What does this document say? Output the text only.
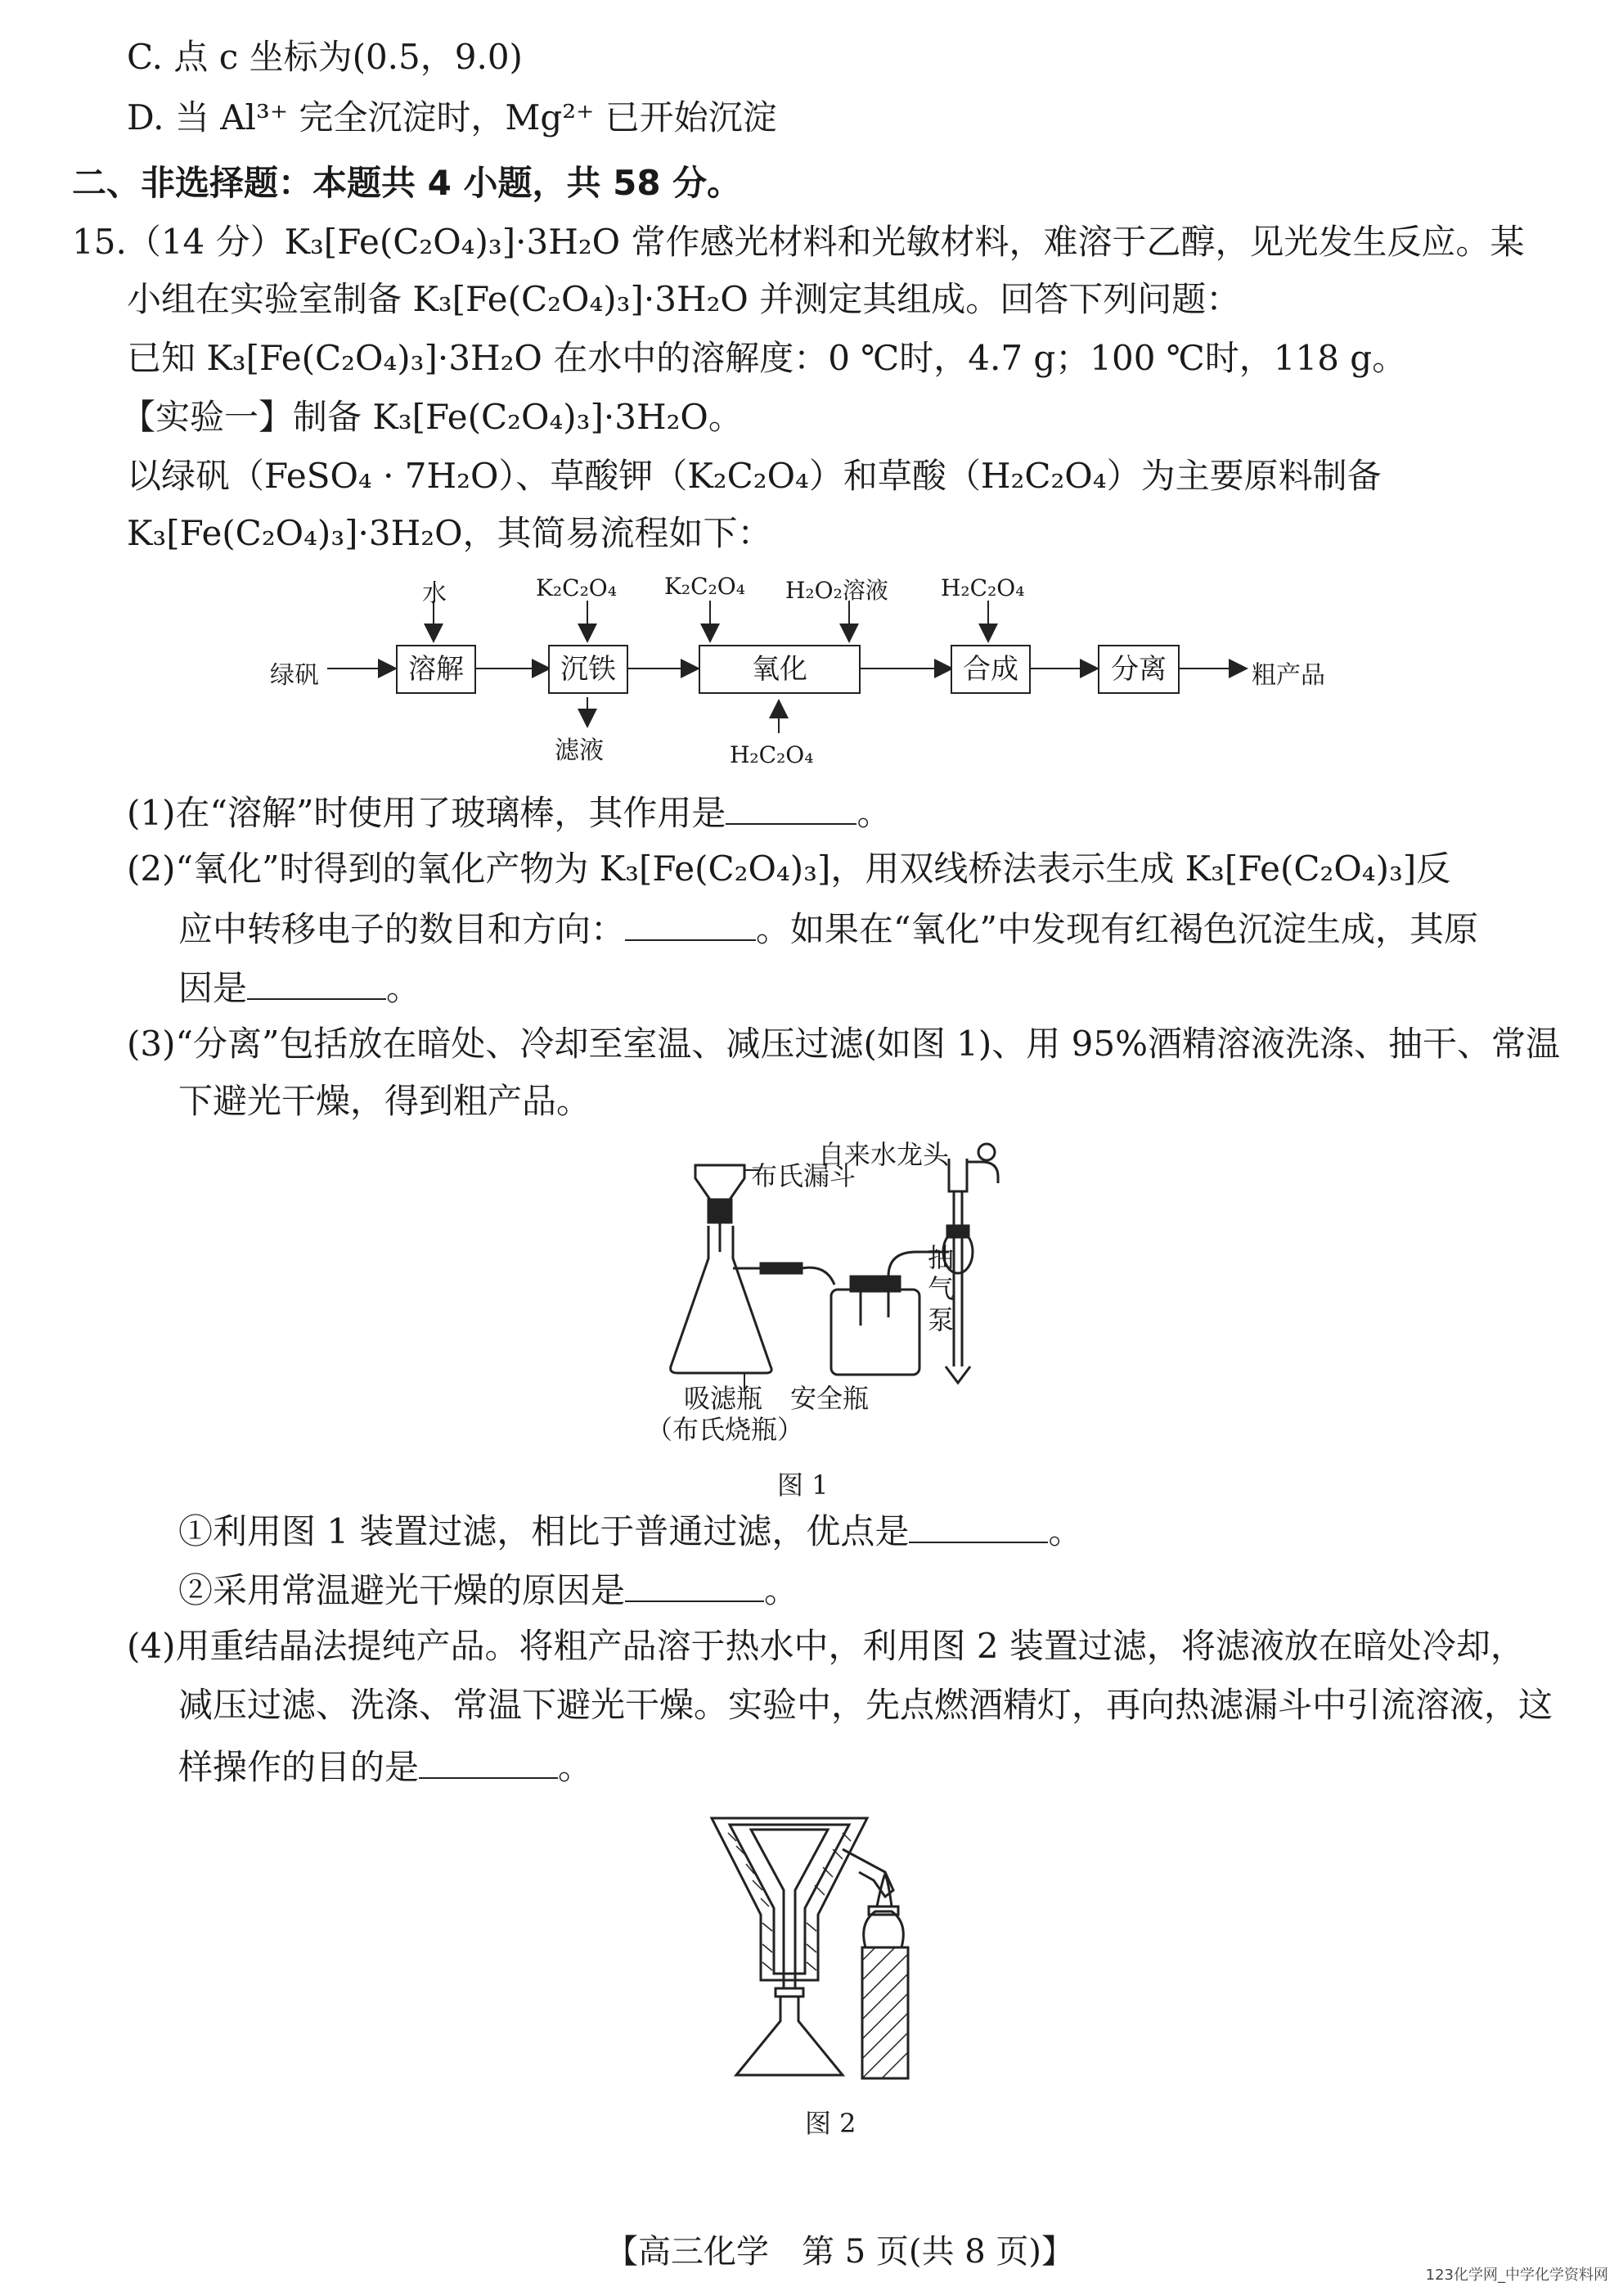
C. 点 c 坐标为(0.5，9.0)
D. 当 Al³⁺ 完全沉淀时，Mg²⁺ 已开始沉淀
二、非选择题：本题共 4 小题，共 58 分。
15.（14 分）K₃[Fe(C₂O₄)₃]·3H₂O 常作感光材料和光敏材料，难溶于乙醇，见光发生反应。某
小组在实验室制备 K₃[Fe(C₂O₄)₃]·3H₂O 并测定其组成。回答下列问题：
已知 K₃[Fe(C₂O₄)₃]·3H₂O 在水中的溶解度：0 ℃时，4.7 g；100 ℃时，118 g。
【实验一】制备 K₃[Fe(C₂O₄)₃]·3H₂O。
以绿矾（FeSO₄ · 7H₂O）、草酸钾（K₂C₂O₄）和草酸（H₂C₂O₄）为主要原料制备
K₃[Fe(C₂O₄)₃]·3H₂O，其简易流程如下：
绿矾	溶解	沉铁	氧化	合成	分离	粗产品
水	K₂C₂O₄ K₂C₂O₄ H₂O₂溶液 H₂C₂O₄
H₂C₂O₄
滤液
(1)在“溶解”时使用了玻璃棒，其作用是	。
(2)“氧化”时得到的氧化产物为 K₃[Fe(C₂O₄)₃]，用双线桥法表示生成 K₃[Fe(C₂O₄)₃]反
应中转移电子的数目和方向：	。如果在“氧化”中发现有红褐色沉淀生成，其原
因是	。
(3)“分离”包括放在暗处、冷却至室温、减压过滤(如图 1)、用 95%酒精溶液洗涤、抽干、常温
下避光干燥，得到粗产品。
自来水龙头
布氏漏斗
抽
气
泵
吸滤瓶 安全瓶
（布氏烧瓶）
图 1
①利用图 1 装置过滤，相比于普通过滤，优点是	。
②采用常温避光干燥的原因是	。
(4)用重结晶法提纯产品。将粗产品溶于热水中，利用图 2 装置过滤，将滤液放在暗处冷却，
减压过滤、洗涤、常温下避光干燥。实验中，先点燃酒精灯，再向热滤漏斗中引流溶液，这
样操作的目的是	。
图 2
【高三化学　第 5 页(共 8 页)】
123化学网_中学化学资料网
